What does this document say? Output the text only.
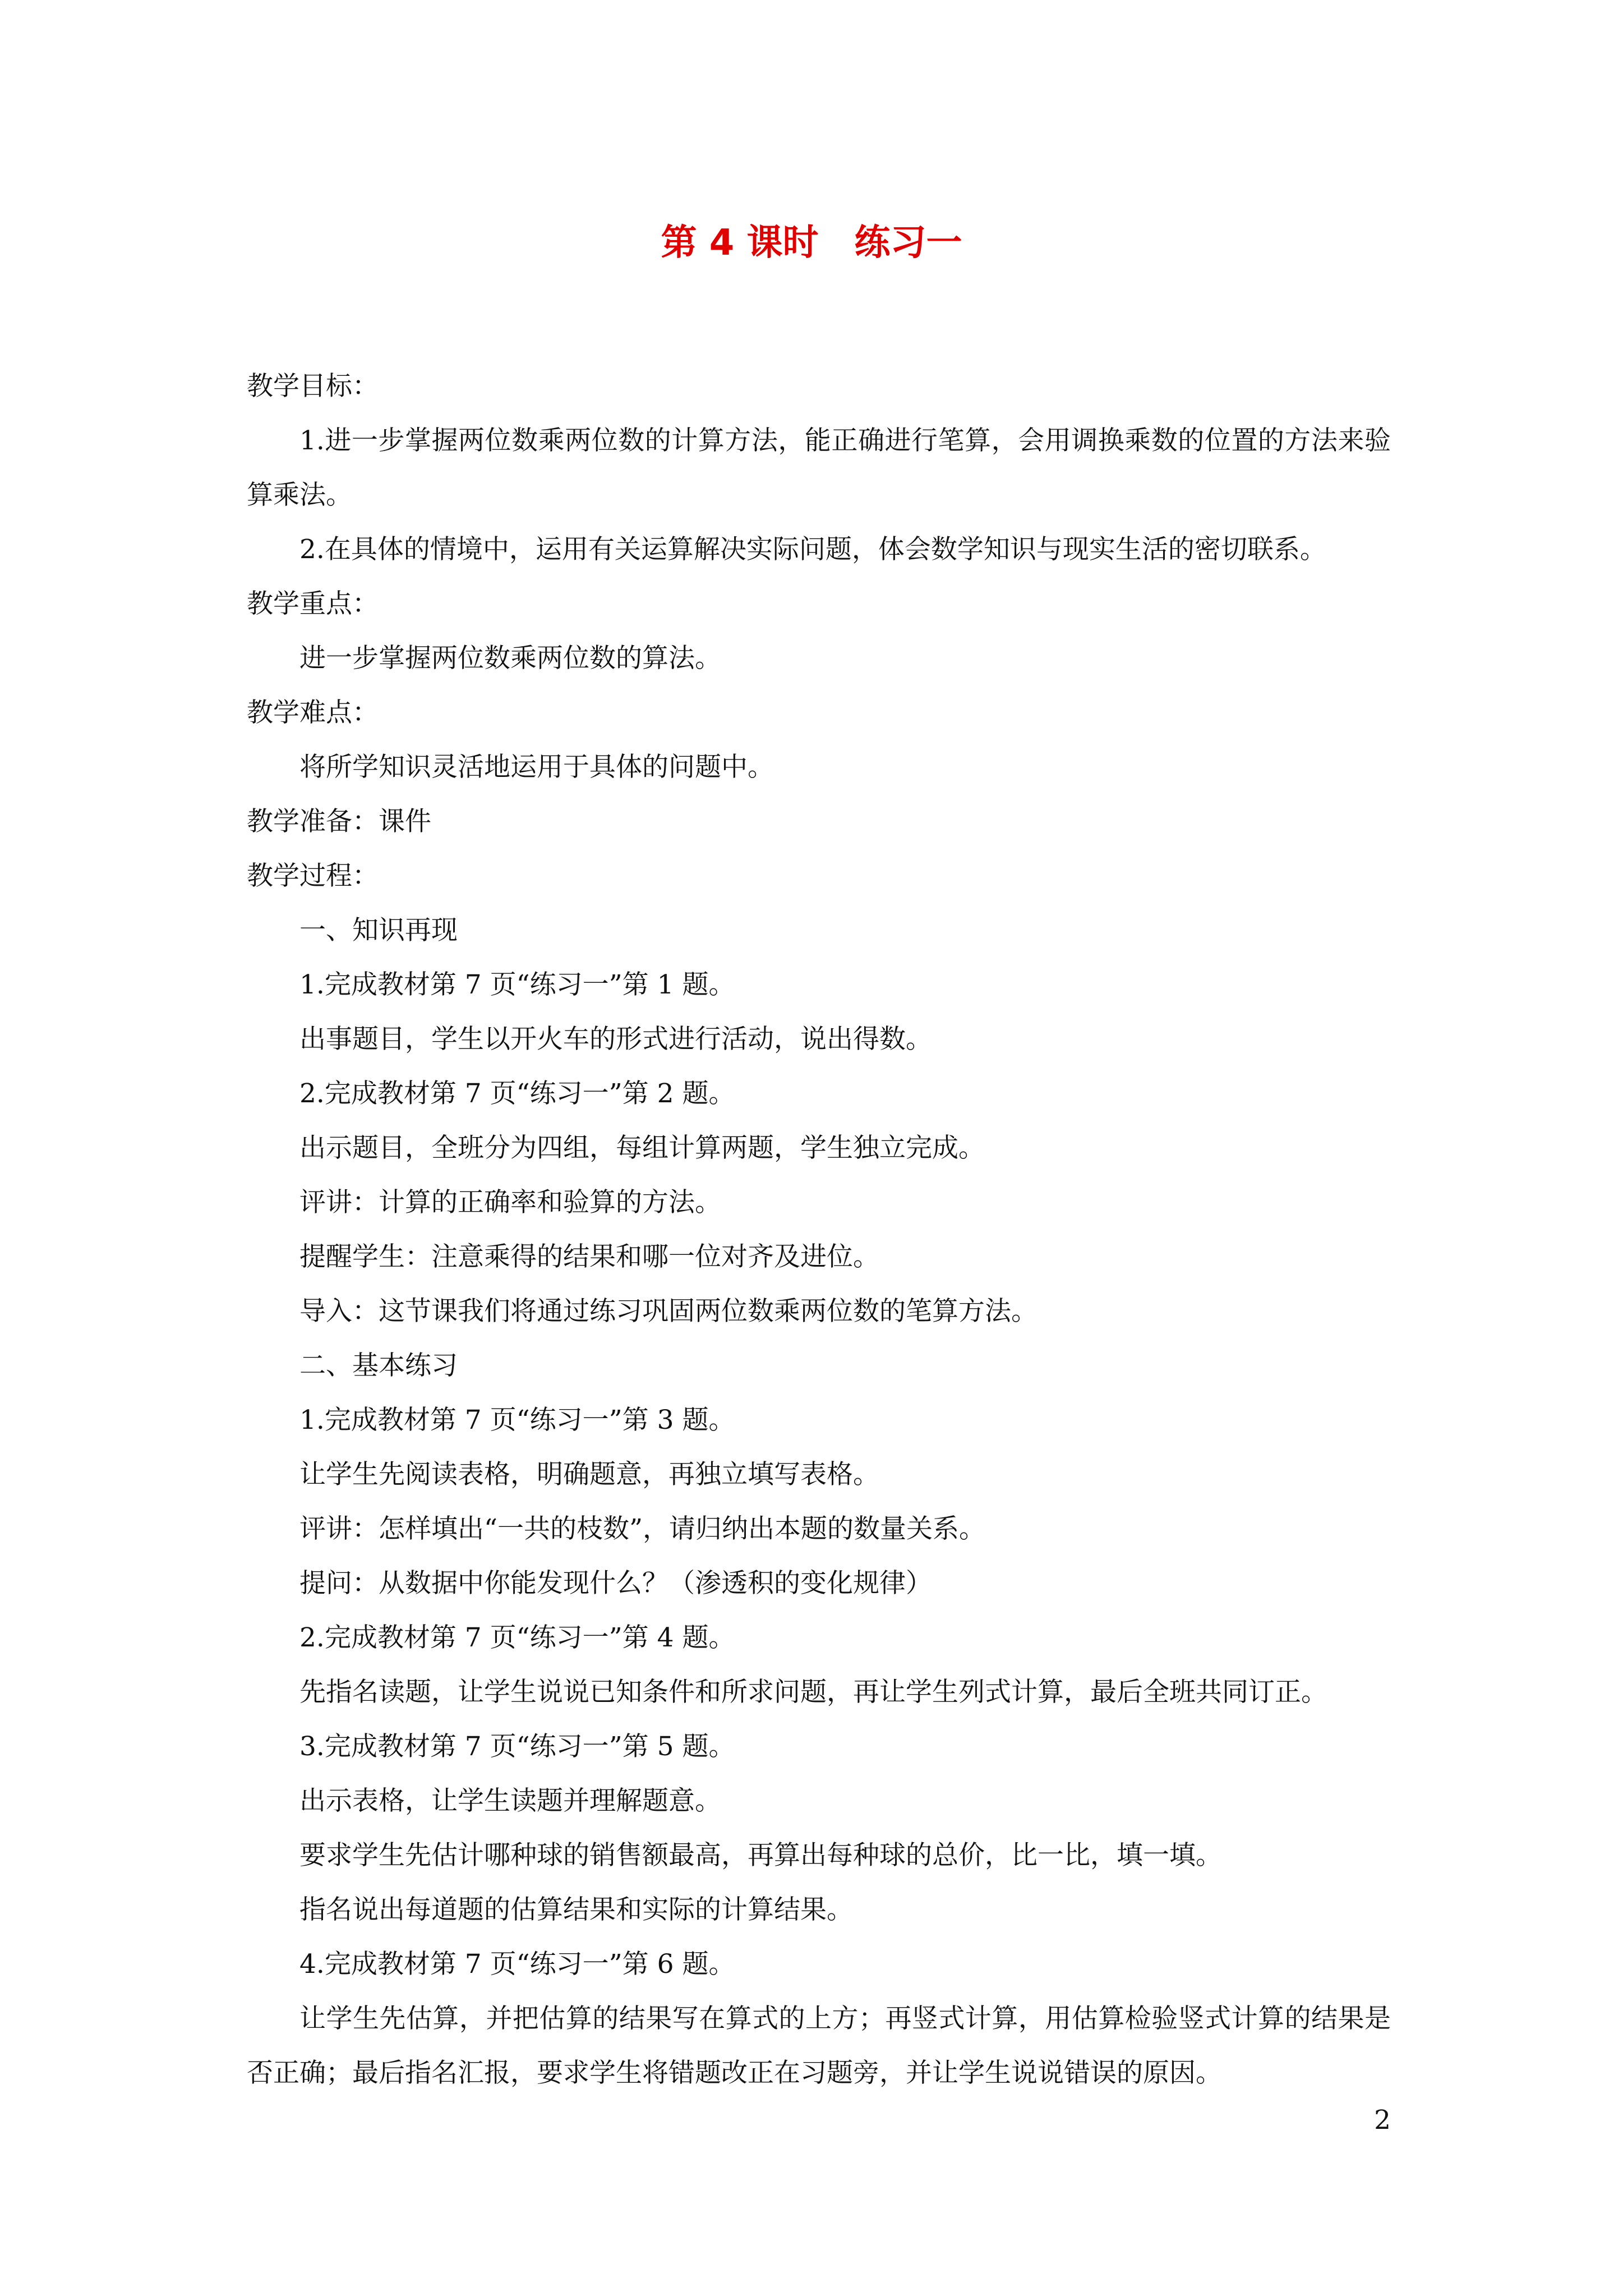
第 4 课时　练习一
教学目标：
1.进一步掌握两位数乘两位数的计算方法，能正确进行笔算，会用调换乘数的位置的方法来验算乘法。
2.在具体的情境中，运用有关运算解决实际问题，体会数学知识与现实生活的密切联系。
教学重点：
进一步掌握两位数乘两位数的算法。
教学难点：
将所学知识灵活地运用于具体的问题中。
教学准备：课件
教学过程：
一、知识再现
1.完成教材第 7 页“练习一”第 1 题。
出事题目，学生以开火车的形式进行活动，说出得数。
2.完成教材第 7 页“练习一”第 2 题。
出示题目，全班分为四组，每组计算两题，学生独立完成。
评讲：计算的正确率和验算的方法。
提醒学生：注意乘得的结果和哪一位对齐及进位。
导入：这节课我们将通过练习巩固两位数乘两位数的笔算方法。
二、基本练习
1.完成教材第 7 页“练习一”第 3 题。
让学生先阅读表格，明确题意，再独立填写表格。
评讲：怎样填出“一共的枝数”，请归纳出本题的数量关系。
提问：从数据中你能发现什么？（渗透积的变化规律）
2.完成教材第 7 页“练习一”第 4 题。
先指名读题，让学生说说已知条件和所求问题，再让学生列式计算，最后全班共同订正。
3.完成教材第 7 页“练习一”第 5 题。
出示表格，让学生读题并理解题意。
要求学生先估计哪种球的销售额最高，再算出每种球的总价，比一比，填一填。
指名说出每道题的估算结果和实际的计算结果。
4.完成教材第 7 页“练习一”第 6 题。
让学生先估算，并把估算的结果写在算式的上方；再竖式计算，用估算检验竖式计算的结果是否正确；最后指名汇报，要求学生将错题改正在习题旁，并让学生说说错误的原因。
2
